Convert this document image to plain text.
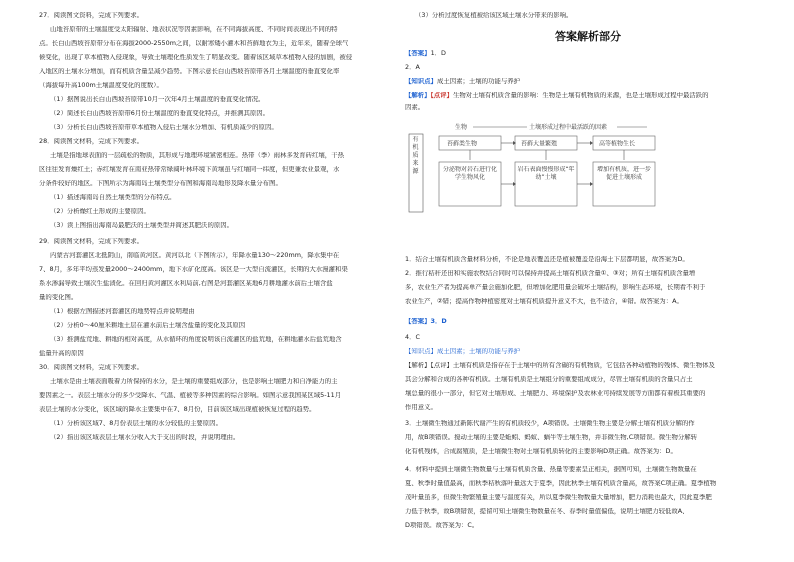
27．阅读图文资料，完成下列要求。
山地苔原带的土壤温度受太阳辐射、地表状况等因素影响，在不同海拔高度、不同时间表现出不同的特
点。长白山西坡苔原带分布在海拔2000-2550m之间，以耐寒矮小灌木和苔藓地衣为主，近年来，随着全球气
候变化，出现了草本植物入侵现象，导致土壤理化性质发生了明显改变。随着该区域草本植物入侵的加剧，被侵
入地区的土壤水分增加，而有机质含量呈减少趋势。下图示意长白山西坡苔原带各月土壤温度的垂直变化率
（海拔每升高100m土壤温度变化的度数）。
（1）据图说出长白山西坡苔原带10月一次年4月土壤温度的垂直变化情况。
（2）简述长白山西坡苔原带6月份土壤温度的垂直变化特点，并推测其原因。
（3）分析长白山西坡苔原带草本植物入侵后土壤水分增加、有机质减少的原因。
28．阅读图文材料，完成下列要求。
土壤是指地球表面的一层疏松的物质，其形成与地理环境紧密相连。热带（季）雨林多发育砖红壤，干热
区往往发育燥红土；赤红壤发育在南亚热带常绿阔叶林环境下黄壤虽与红壤同一纬度，但更兼农业景观，水
分条件较好的地区。下图所示为海南岛土壤类型分布图和海南岛地形及降水量分布图。
（1）描述海南岛自然土壤类型的分布特点。
（2）分析燥红土形成的主要原因。
（3）读上图指出海南岛最肥沃的土壤类型并简述其肥沃的原因。
29．阅读图文材料，完成下列要求。
内蒙古河套灌区北抵阴山，南临黄河区。黄河以北（下图所示），年降水量130～220mm，降水集中在
7、8月，多年平均蒸发量2000～2400mm，地下水矿化度高。该区是一大型自流灌区，长期的大水漫灌和渠
系水渗漏导致土壤次生盐渍化。在回归黄河灌区水利局前,右图是河套灌区某地6月耕地灌水前后土壤含盐
量的变化图。
（1）根据左图描述河套灌区的地势特点并说明理由
（2）分析0～40厘米耕地土层在灌水前后土壤含盐量的变化及其原因
（3）推测盐荒地、耕地的相对高度，从水循环的角度说明该自流灌区的盐荒地，在耕地灌水后盐荒地含
盐量升高的原因
30．阅读图文材料，完成下列要求。
土壤水是由土壤表面吸着力所保持的水分，是土壤的重要组成部分，也是影响土壤肥力和自净能力的主
要因素之一。表层土壤水分的多少受降水、气温、植被等多种因素的综合影响。如图示意我国某区域5-11月
表层土壤的水分变化，该区域的降水主要集中在7、8月份，目前该区域出现植被恢复过程的趋势。
（1）分析该区域7、8月份表层土壤的水分较低的主要原因。
（2）指出该区域表层土壤水分收入大于支出的时段，并说明理由。
（3）分析过度恢复植被给该区域土壤水分带来的影响。
答案解析部分
【答案】1．D
2．A
【知识点】成土因素；土壤的功能与养护
【解析】【点评】生物对土壤有机质含量的影响：生物是土壤有机物质的来源，也是土壤形成过程中最活跃的
因素。
生物	土壤形成过程中最活跃的因素
有机质来源
苔藓类生物	苔藓大量繁殖	高等植物生长
分泌物对岩石进行化学生物风化
岩石表面慢慢形成“年幼”土壤
增加有机质，进一步促进土壤形成
1．结合土壤有机质含量材料分析，不论是地表覆盖还是植被覆盖是沿海土下层都明显，故答案为D。
2．推行秸秆还田和实施农牧结合同时可以保持并提高土壤有机质含量①、③对；所有土壤有机质含量增
多，农业生产者为提高单产量会施加化肥，但增加化肥用量会破坏土壤结构，影响生态环境，长期看不利于
农业生产，②错；提高作物种植密度对土壤有机质提升意义不大，也不适合，④错。故答案为：A。
【答案】3．D
4．C
【知识点】成土因素；土壤的功能与养护
【解析】【点评】土壤有机质是指存在于土壤中的所有含碳的有机物质，它包括各种动植物的残体、微生物体及
其会分解和合成的各种有机质。土壤有机质是土壤组分的重要组成成分，尽管土壤有机质的含量只占土
壤总量的很小一部分，但它对土壤形成、土壤肥力、环境保护及农林业可持续发展等方面都有着极其重要的
作用意义。
3．土壤微生物通过新陈代谢产生的有机质较少，A项错误。土壤微生物主要是分解土壤有机质分解的作
用，故B项错误。搅动土壤的主要是蚯蚓、蚂蚁、蜗牛等土壤生物，并非微生物,C项错误。微生物分解转
化有机残体，合成腐殖质，是土壤微生物对土壤有机质转化的主要影响D项正确。故答案为：D。
4．材料中提到土壤微生物数量与土壤有机质含量、热量等要素呈正相关，据图可知，土壤微生物数量在
夏、秋季时量值最高，而秋季秸秋落叶量远大于夏季，因此秋季土壤有机质含量高，故答案C项正确。夏季植物
茂叶量虽多，但微生物繁殖量主要与温度有关，所以夏季微生物数量大量增加，肥力消耗也最大，因此夏季肥
力低于秋季，故B项错误，提留可知土壤微生物数量在冬、春季时量值偏低，说明土壤肥力较低故A、
D项错误。故答案为：C。
